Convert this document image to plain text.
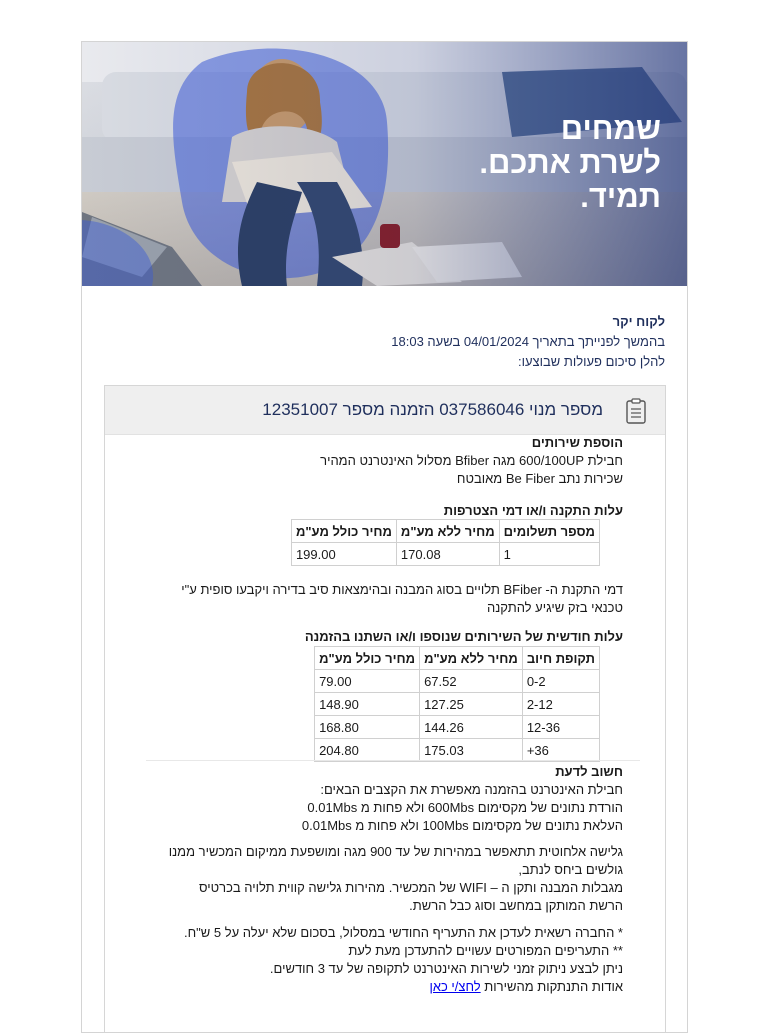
שמחים
לשרת אתכם.
תמיד.
לקוח יקר
בהמשך לפנייתך בתאריך 04/01/2024 בשעה 18:03
להלן סיכום פעולות שבוצעו:
מספר מנוי 037586046 הזמנה מספר 12351007
הוספת שירותים
חבילת 600/100UP מגה Bfiber מסלול האינטרנט המהיר
שכירות נתב Be Fiber מאובטח
עלות התקנה ו/או דמי הצטרפות
מספר תשלומים	מחיר ללא מע"מ	מחיר כולל מע"מ
1	170.08	199.00
דמי התקנת ה- BFiber תלויים בסוג המבנה ובהימצאות סיב בדירה ויקבעו סופית ע"י
טכנאי בזק שיגיע להתקנה
עלות חודשית של השירותים שנוספו ו/או השתנו בהזמנה
תקופת חיוב	מחיר ללא מע"מ	מחיר כולל מע"מ
0-2	67.52	79.00
2-12	127.25	148.90
12-36	144.26	168.80
36+	175.03	204.80
חשוב לדעת
חבילת האינטרנט בהזמנה מאפשרת את הקצבים הבאים:
הורדת נתונים של מקסימום 600Mbs ולא פחות מ 0.01Mbs
העלאת נתונים של מקסימום 100Mbs ולא פחות מ 0.01Mbs
גלישה אלחוטית תתאפשר במהירות של עד 900 מגה ומושפעת ממיקום המכשיר ממנו
גולשים ביחס לנתב,
מגבלות המבנה ותקן ה – WIFI של המכשיר. מהירות גלישה קווית תלויה בכרטיס
הרשת המותקן במחשב וסוג כבל הרשת.
* החברה רשאית לעדכן את התעריף החודשי במסלול, בסכום שלא יעלה על 5 ש"ח.
** התעריפים המפורטים עשויים להתעדכן מעת לעת
ניתן לבצע ניתוק זמני לשירות האינטרנט לתקופה של עד 3 חודשים.
אודות התנתקות מהשירות לחצ/י כאן
